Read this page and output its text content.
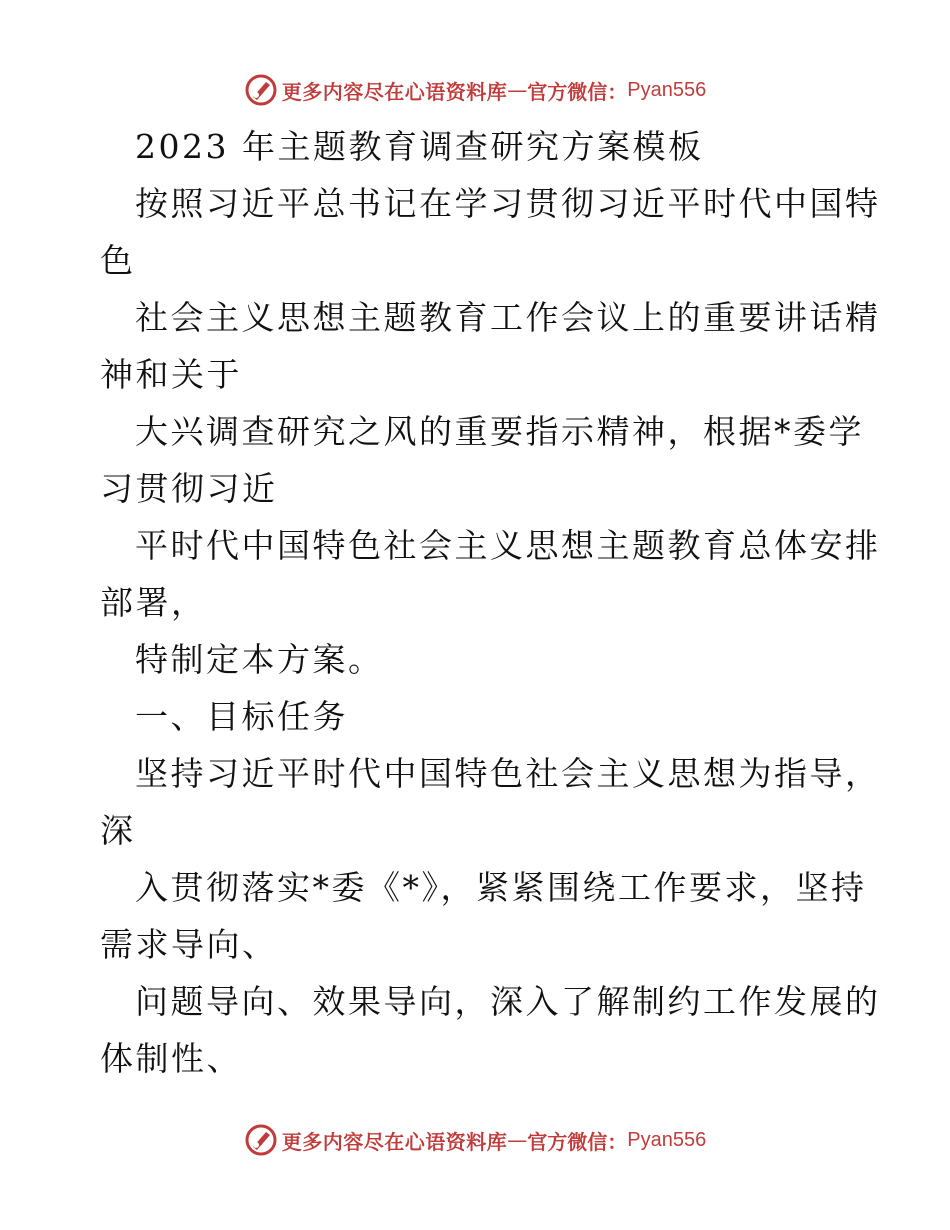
更多内容尽在心语资料库 — 官方微信： Pyan556
2023 年主题教育调查研究方案模板
按照习近平总书记在学习贯彻习近平时代中国特
色
社会主义思想主题教育工作会议上的重要讲话精
神和关于
大兴调查研究之风的重要指示精神，根据*委学
习贯彻习近
平时代中国特色社会主义思想主题教育总体安排
部署，
特制定本方案。
一、目标任务
坚持习近平时代中国特色社会主义思想为指导，
深
入贯彻落实*委《*》，紧紧围绕工作要求，坚持
需求导向、
问题导向、效果导向，深入了解制约工作发展的
体制性、
更多内容尽在心语资料库 — 官方微信： Pyan556
